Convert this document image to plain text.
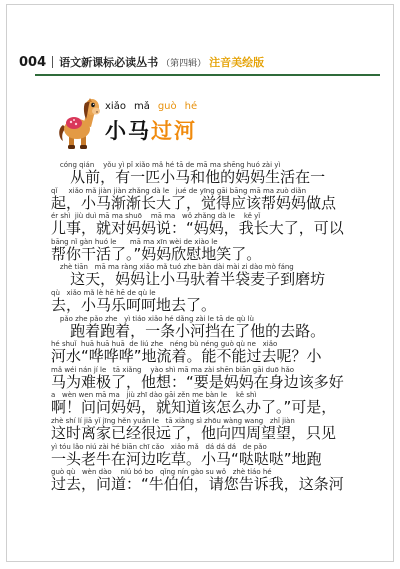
004 语文新课标必读丛书 （第四辑） 注音美绘版
xiǎo mǎ guò hé
小 马 过 河
cóng qián    yǒu yì pǐ xiǎo mǎ hé tā de mā ma shēng huó zài yì
从前，有一匹小马和他的妈妈生活在一
qǐ     xiǎo mǎ jiàn jiàn zhǎng dà le   jué de yīng gāi bāng mā ma zuò diǎn
起，小马渐渐长大了，觉得应该帮妈妈做点
ér shì  jiù duì mā ma shuō    mā ma   wǒ zhǎng dà le    kě yǐ
儿事，就对妈妈说：“妈妈，我长大了，可以
bāng nǐ gàn huó le      mā ma xīn wèi de xiào le
帮你干活了。”妈妈欣慰地笑了。
zhè tiān   mā ma ràng xiǎo mǎ tuó zhe bàn dài mài zi dào mò fáng
这天，妈妈让小马驮着半袋麦子到磨坊
qù   xiǎo mǎ lè hē hē de qù le
去，小马乐呵呵地去了。
pǎo zhe pǎo zhe   yì tiáo xiǎo hé dǎng zài le tā de qù lù
跑着跑着，一条小河挡在了他的去路。
hé shuǐ  huā huā huā  de liú zhe   néng bù néng guò qù ne   xiǎo
河水“哗哗哗”地流着。能不能过去呢？小
mǎ wéi nán jí le   tā xiǎng    yào shì mā ma zài shēn biān gāi duō hǎo
马为难极了，他想：“要是妈妈在身边该多好
a   wèn wen mā ma   jiù zhī dào gāi zěn me bàn le    kě shì
啊！问问妈妈，就知道该怎么办了。”可是，
zhè shí lí jiā yǐ jīng hěn yuǎn le   tā xiàng sì zhōu wàng wang   zhǐ jiàn
这时离家已经很远了，他向四周望望，只见
yì tóu lǎo niú zài hé biān chī cǎo   xiǎo mǎ   dá dá dá   de pǎo
一头老牛在河边吃草。小马“哒哒哒”地跑
guò qù   wèn dào    niú bó bo   qǐng nín gào su wǒ   zhè tiáo hé
过去，问道：“牛伯伯，请您告诉我，这条河
